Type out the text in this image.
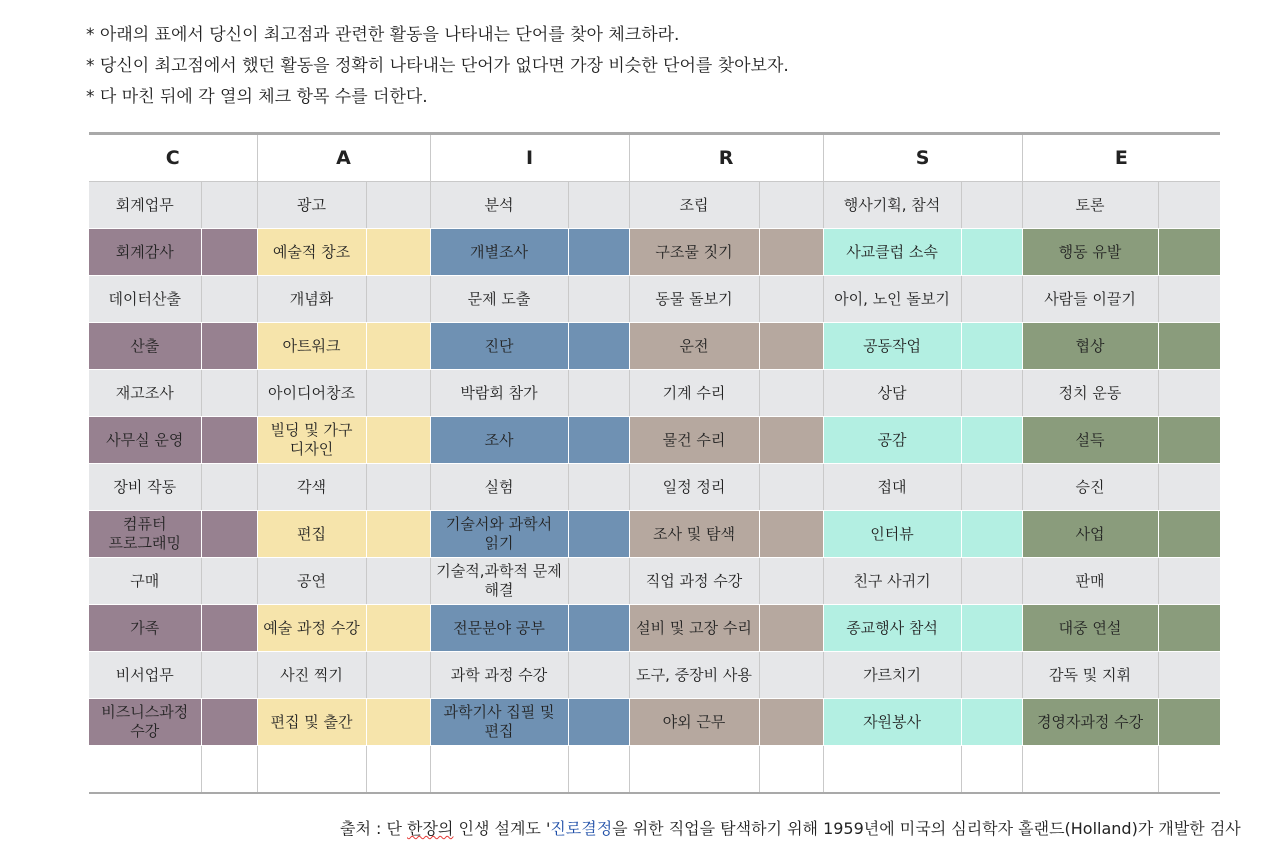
* 아래의 표에서 당신이 최고점과 관련한 활동을 나타내는 단어를 찾아 체크하라.
* 당신이 최고점에서 했던 활동을 정확히 나타내는 단어가 없다면 가장 비슷한 단어를 찾아보자.
* 다 마친 뒤에 각 열의 체크 항목 수를 더한다.
C		A		I		R		S		E	
회계업무		광고		분석		조립		행사기획, 참석		토론	
회계감사		예술적 창조		개별조사		구조물 짓기		사교클럽 소속		행동 유발	
데이터산출		개념화		문제 도출		동물 돌보기		아이, 노인 돌보기		사람들 이끌기	
산출		아트워크		진단		운전		공동작업		협상	
재고조사		아이디어창조		박람회 참가		기계 수리		상담		정치 운동	
사무실 운영		빌딩 및 가구 디자인		조사		물건 수리		공감		설득	
장비 작동		각색		실험		일정 정리		접대		승진	
컴퓨터 프로그래밍		편집		기술서와 과학서 읽기		조사 및 탐색		인터뷰		사업	
구매		공연		기술적,과학적 문제 해결		직업 과정 수강		친구 사귀기		판매	
가족		예술 과정 수강		전문분야 공부		설비 및 고장 수리		종교행사 참석		대중 연설	
비서업무		사진 찍기		과학 과정 수강		도구, 중장비 사용		가르치기		감독 및 지휘	
비즈니스과정 수강		편집 및 출간		과학기사 집필 및 편집		야외 근무		자원봉사		경영자과정 수강	

출처 : 단 한장의 인생 설계도 '진로결정을 위한 직업을 탐색하기 위해 1959년에 미국의 심리학자 홀랜드(Holland)가 개발한 검사
